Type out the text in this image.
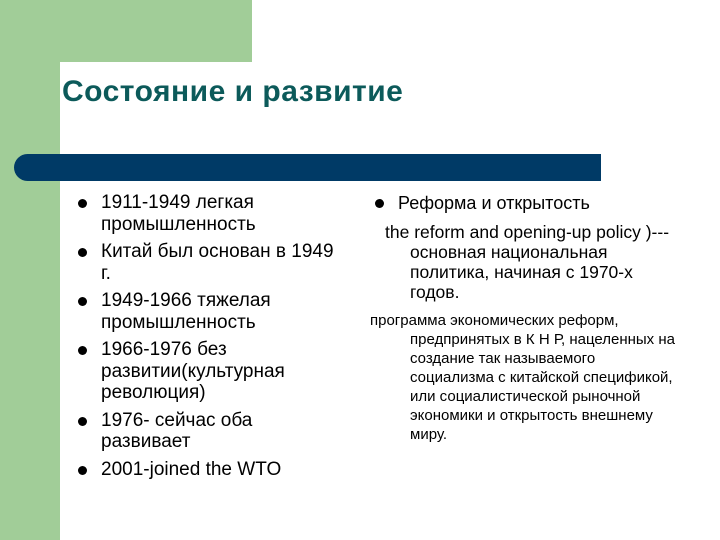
Состояние и развитие
1911-1949 легкая промышленность
Китай был основан в 1949 г.
1949-1966 тяжелая промышленность
1966-1976 без развитии(культурная революция)
1976- сейчас оба развивает
2001-joined the WTO
Реформа и открытость
the reform and opening-up policy )---основная национальная политика, начиная с 1970-х годов.
программа экономических реформ, предпринятых в К Н Р, нацеленных на создание так называемого социализма с китайской спецификой, или социалистической рыночной экономики и открытость внешнему миру.
